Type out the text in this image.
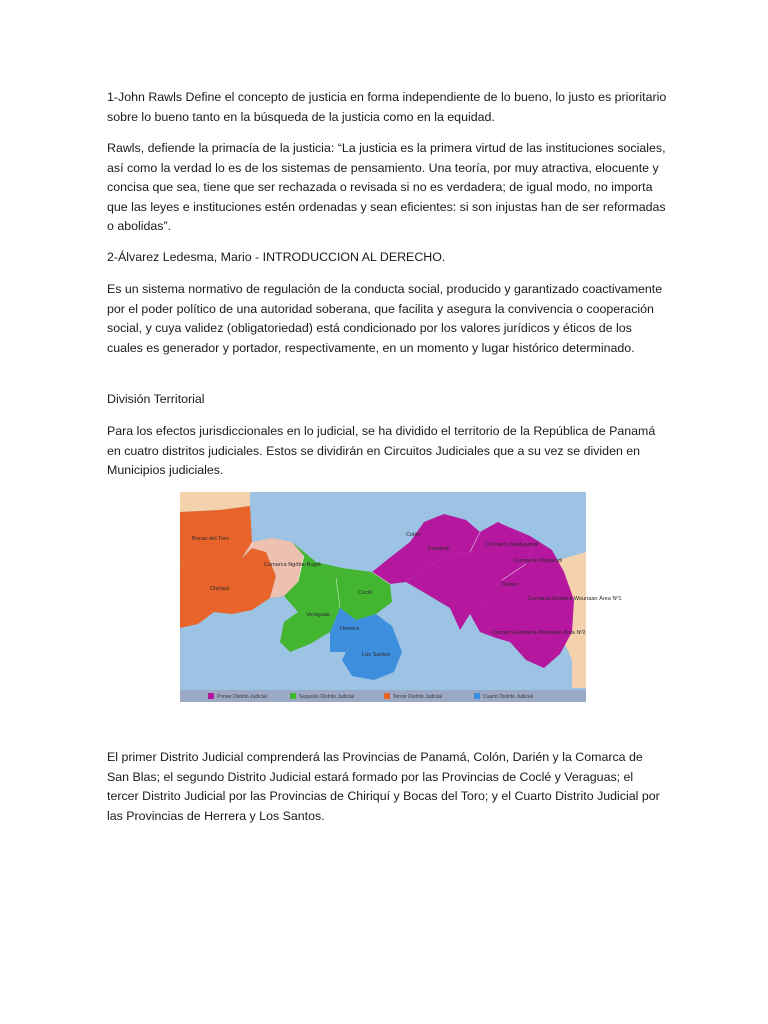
1-John Rawls Define el concepto de justicia en forma independiente de lo bueno, lo justo es prioritario sobre lo bueno tanto en la búsqueda de la justicia como en la equidad.

Rawls, defiende la primacía de la justicia: “La justicia es la primera virtud de las instituciones sociales, así como la verdad lo es de los sistemas de pensamiento. Una teoría, por muy atractiva, elocuente y concisa que sea, tiene que ser rechazada o revisada si no es verdadera; de igual modo, no importa que las leyes e instituciones estén ordenadas y sean eficientes: si son injustas han de ser reformadas o abolidas”.

2-Álvarez Ledesma, Mario - INTRODUCCION AL DERECHO.

Es un sistema normativo de regulación de la conducta social, producido y garantizado coactivamente por el poder político de una autoridad soberana, que facilita y asegura la convivencia o cooperación social, y cuya validez (obligatoriedad) está condicionado por los valores jurídicos y éticos de los cuales es generador y portador, respectivamente, en un momento y lugar histórico determinado.

División Territorial

Para los efectos jurisdiccionales en lo judicial, se ha dividido el territorio de la República de Panamá en cuatro distritos judiciales. Estos se dividirán en Circuitos Judiciales que a su vez se dividen en Municipios judiciales.

Bocas del Toro
Chiriquí
Comarca Ngöbe-Buglé
Veraguas
Coclé
Herrera
Los Santos
Colón
Panamá
Comarca Madugandí
Comarca Wargandí
Darién
Comarca Emberá-Wounaan Área Nº1
Comarca Emberá-Wounaan Área Nº2
Primer Distrito Judicial	Segundo Distrito Judicial	Tercer Distrito Judicial	Cuarto Distrito Judicial

El primer Distrito Judicial comprenderá las Provincias de Panamá, Colón, Darién y la Comarca de San Blas; el segundo Distrito Judicial estará formado por las Provincias de Coclé y Veraguas; el tercer Distrito Judicial por las Provincias de Chiriquí y Bocas del Toro; y el Cuarto Distrito Judicial por las Provincias de Herrera y Los Santos.
